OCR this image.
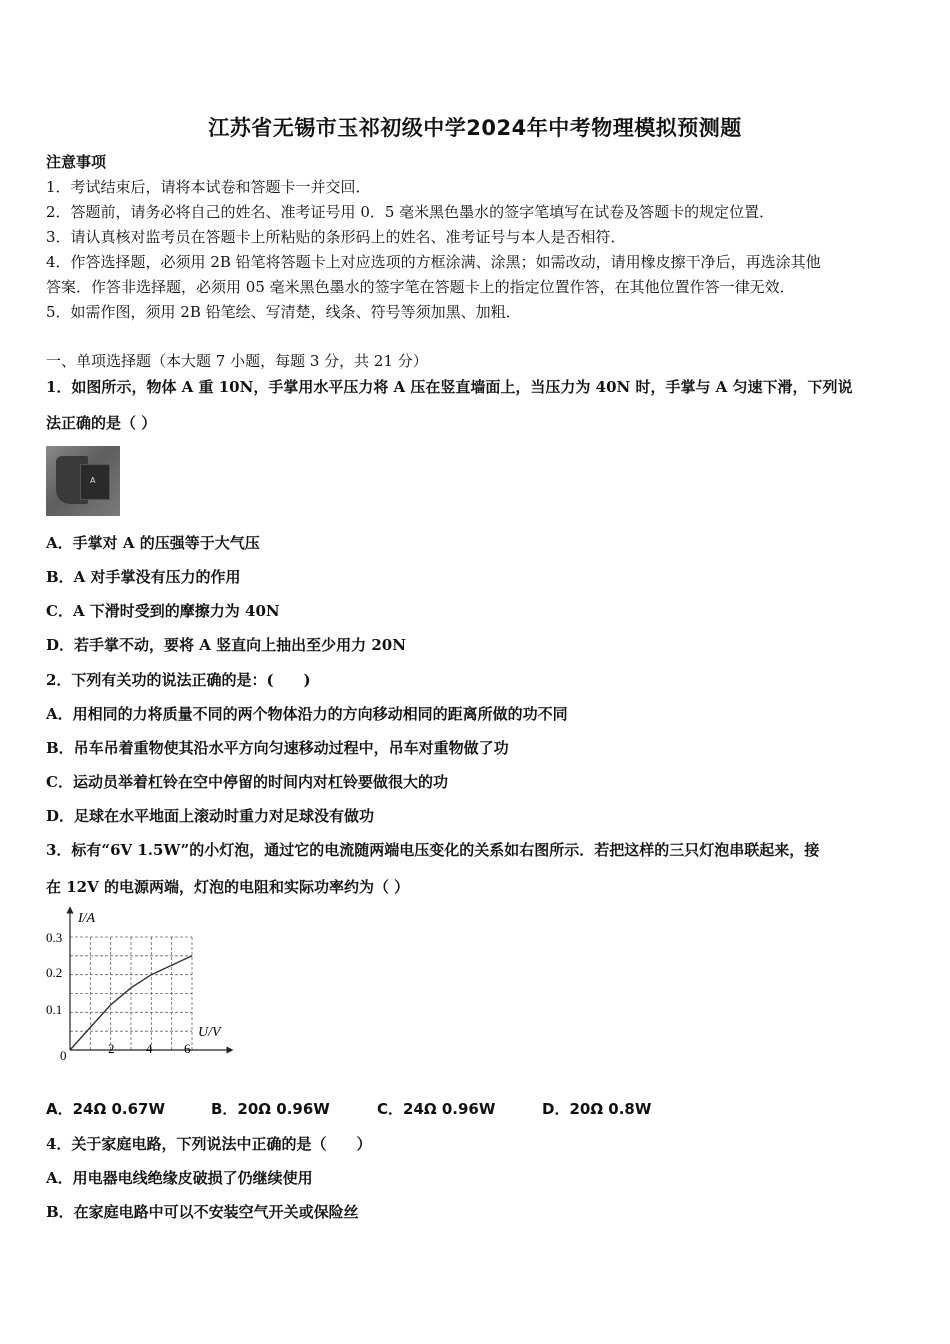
江苏省无锡市玉祁初级中学2024年中考物理模拟预测题
注意事项
1．考试结束后，请将本试卷和答题卡一并交回．
2．答题前，请务必将自己的姓名、准考证号用 0．5 毫米黑色墨水的签字笔填写在试卷及答题卡的规定位置．
3．请认真核对监考员在答题卡上所粘贴的条形码上的姓名、准考证号与本人是否相符．
4．作答选择题，必须用 2B 铅笔将答题卡上对应选项的方框涂满、涂黑；如需改动，请用橡皮擦干净后，再选涂其他
答案．作答非选择题，必须用 05 毫米黑色墨水的签字笔在答题卡上的指定位置作答，在其他位置作答一律无效．
5．如需作图，须用 2B 铅笔绘、写清楚，线条、符号等须加黑、加粗．
一、单项选择题（本大题 7 小题，每题 3 分，共 21 分）
1．如图所示，物体 A 重 10N，手掌用水平压力将 A 压在竖直墙面上，当压力为 40N 时，手掌与 A 匀速下滑，下列说
法正确的是（ ）
A
A．手掌对 A 的压强等于大气压
B．A 对手掌没有压力的作用
C．A 下滑时受到的摩擦力为 40N
D．若手掌不动，要将 A 竖直向上抽出至少用力 20N
2．下列有关功的说法正确的是：(　　)
A．用相同的力将质量不同的两个物体沿力的方向移动相同的距离所做的功不同
B．吊车吊着重物使其沿水平方向匀速移动过程中，吊车对重物做了功
C．运动员举着杠铃在空中停留的时间内对杠铃要做很大的功
D．足球在水平地面上滚动时重力对足球没有做功
3．标有“6V 1.5W”的小灯泡，通过它的电流随两端电压变化的关系如右图所示．若把这样的三只灯泡串联起来，接
在 12V 的电源两端，灯泡的电阻和实际功率约为（ ）
I/A
U/V
0	2 4 6
0.1
0.2
0.3
A．24Ω 0.67W	B．20Ω 0.96W	C．24Ω 0.96W	D．20Ω 0.8W
4．关于家庭电路，下列说法中正确的是（　　）
A．用电器电线绝缘皮破损了仍继续使用
B．在家庭电路中可以不安装空气开关或保险丝
